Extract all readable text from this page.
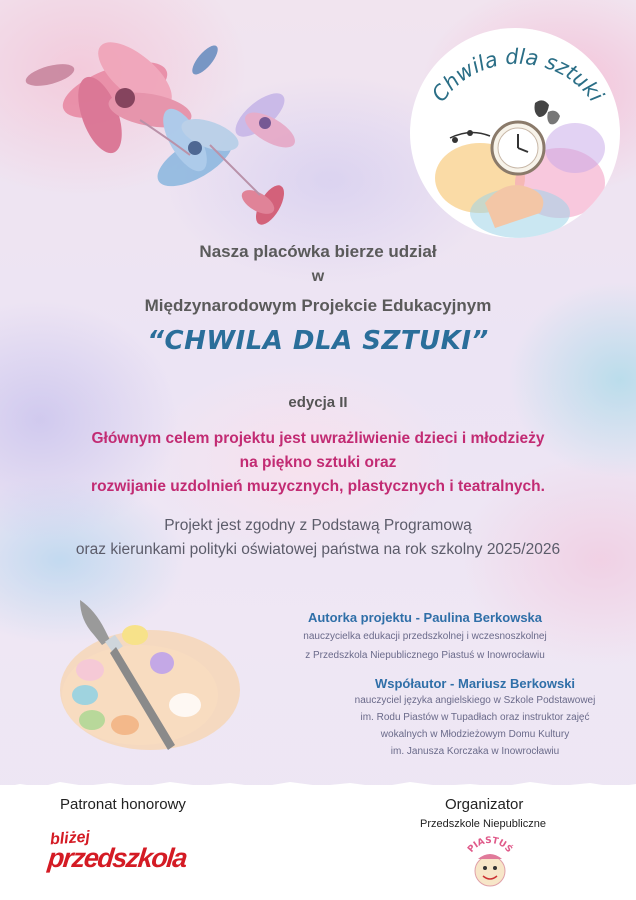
Chwila dla sztuki
Nasza placówka bierze udział
w
Międzynarodowym Projekcie Edukacyjnym
“CHWILA DLA SZTUKI”
edycja II
Głównym celem projektu jest uwrażliwienie dzieci i młodzieży
na piękno sztuki oraz
rozwijanie uzdolnień muzycznych, plastycznych i teatralnych.
Projekt jest zgodny z Podstawą Programową
oraz kierunkami polityki oświatowej państwa na rok szkolny 2025/2026
Autorka projektu - Paulina Berkowska
nauczycielka edukacji przedszkolnej i wczesnoszkolnej
z Przedszkola Niepublicznego Piastuś w Inowrocławiu
Współautor - Mariusz Berkowski
nauczyciel języka angielskiego w Szkole Podstawowej
im. Rodu Piastów w Tupadłach oraz instruktor zajęć
wokalnych w Młodzieżowym Domu Kultury
im. Janusza Korczaka w Inowrocławiu
Patronat honorowy
bliżej
przedszkola
Organizator
Przedszkole Niepubliczne
PIASTUŚ
